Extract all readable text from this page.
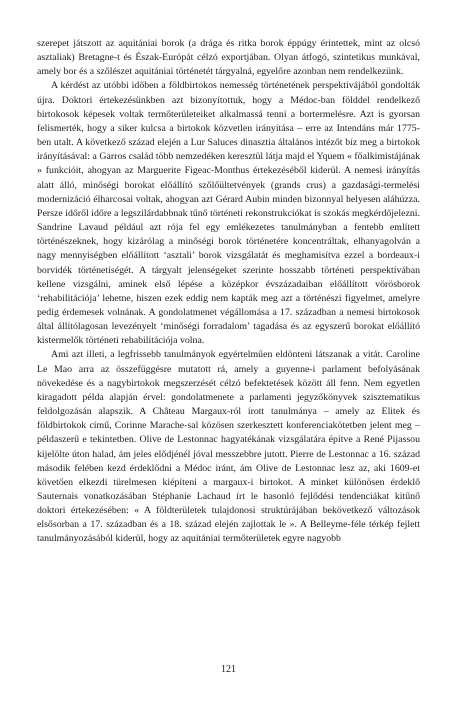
szerepet játszott az aquitániai borok (a drága és ritka borok éppúgy érintettek, mint az olcsó asztaliak) Bretagne-t és Észak-Európát célzó exportjában. Olyan átfogó, szintetikus munkával, amely bor és a szőlészet aquitániai történetét tárgyalná, egyelőre azonban nem rendelkezünk.

A kérdést az utóbbi időben a földbirtokos nemesség történetének perspektívájából gondolták újra. Doktori értekezésünkben azt bizonyítottuk, hogy a Médoc-ban földdel rendelkező birtokosok képesek voltak termőterületeiket alkalmassá tenni a bortermelésre. Azt is gyorsan felismerték, hogy a siker kulcsa a birtokok közvetlen irányítása – erre az Intendáns már 1775-ben utalt. A következő század elején a Lur Saluces dinasztia általános intézőt bíz meg a birtokok irányításával: a Garros család több nemzedéken keresztül látja majd el Yquem « főalkimistájának » funkcióit, ahogyan az Marguerite Figeac-Monthus értekezéséből kiderül. A nemesi irányítás alatt álló, minőségi borokat előállító szőlőültetvények (grands crus) a gazdasági-termelési modernizáció élharcosai voltak, ahogyan azt Gérard Aubin minden bizonnyal helyesen aláhúzza. Persze időről időre a legszilárdabbnak tűnő történeti rekonstrukciókat is szokás megkérdőjelezni. Sandrine Lavaud például azt rója fel egy emlékezetes tanulmányban a fentebb említett történészeknek, hogy kizárólag a minőségi borok történetére koncentráltak, elhanyagolván a nagy mennyiségben előállított ‘asztali’ borok vizsgálatát és meghamisítva ezzel a bordeaux-i borvidék történetiségét. A tárgyalt jelenségeket szerinte hosszabb történeti perspektívában kellene vizsgálni, aminek első lépése a középkor évszázadaiban előállított vörösborok ‘rehabilitációja’ lehetne, hiszen ezek eddig nem kapták meg azt a történészi figyelmet, amelyre pedig érdemesek volnának. A gondolatmenet végállomása a 17. században a nemesi birtokosok által állítólagosan levezényelt ‘minőségi forradalom’ tagadása és az egyszerű borokat előállító kistermelők történeti rehabilitációja volna.

Ami azt illeti, a legfrissebb tanulmányok egyértelműen eldönteni látszanak a vitát. Caroline Le Mao arra az összefüggésre mutatott rá, amely a guyenne-i parlament befolyásának növekedése és a nagybirtokok megszerzését célzó befektetések között áll fenn. Nem egyetlen kiragadott példa alapján érvel: gondolatmenete a parlamenti jegyzőkönyvek szisztematikus feldolgozásán alapszik. A Château Margaux-ról írott tanulmánya – amely az Elitek és földbirtokok című, Corinne Marache-sal közösen szerkesztett konferenciakötetben jelent meg – példaszerű e tekintetben. Olive de Lestonnac hagyatékának vizsgálatára építve a René Pijassou kijelölte úton halad, ám jeles elődjénél jóval messzebbre jutott. Pierre de Lestonnac a 16. század második felében kezd érdeklődni a Médoc iránt, ám Olive de Lestonnac lesz az, aki 1609-et követően elkezdi türelmesen kiépíteni a margaux-i birtokot. A minket különösen érdeklő Sauternais vonatkozásában Stéphanie Lachaud írt le hasonló fejlődési tendenciákat kitűnő doktori értekezésében: « A földterületek tulajdonosi struktúrájában bekövetkező változások elsősorban a 17. században és a 18. század elején zajlottak le ». A Belleyme-féle térkép fejlett tanulmányozásából kiderül, hogy az aquitániai termőterületek egyre nagyobb

121
